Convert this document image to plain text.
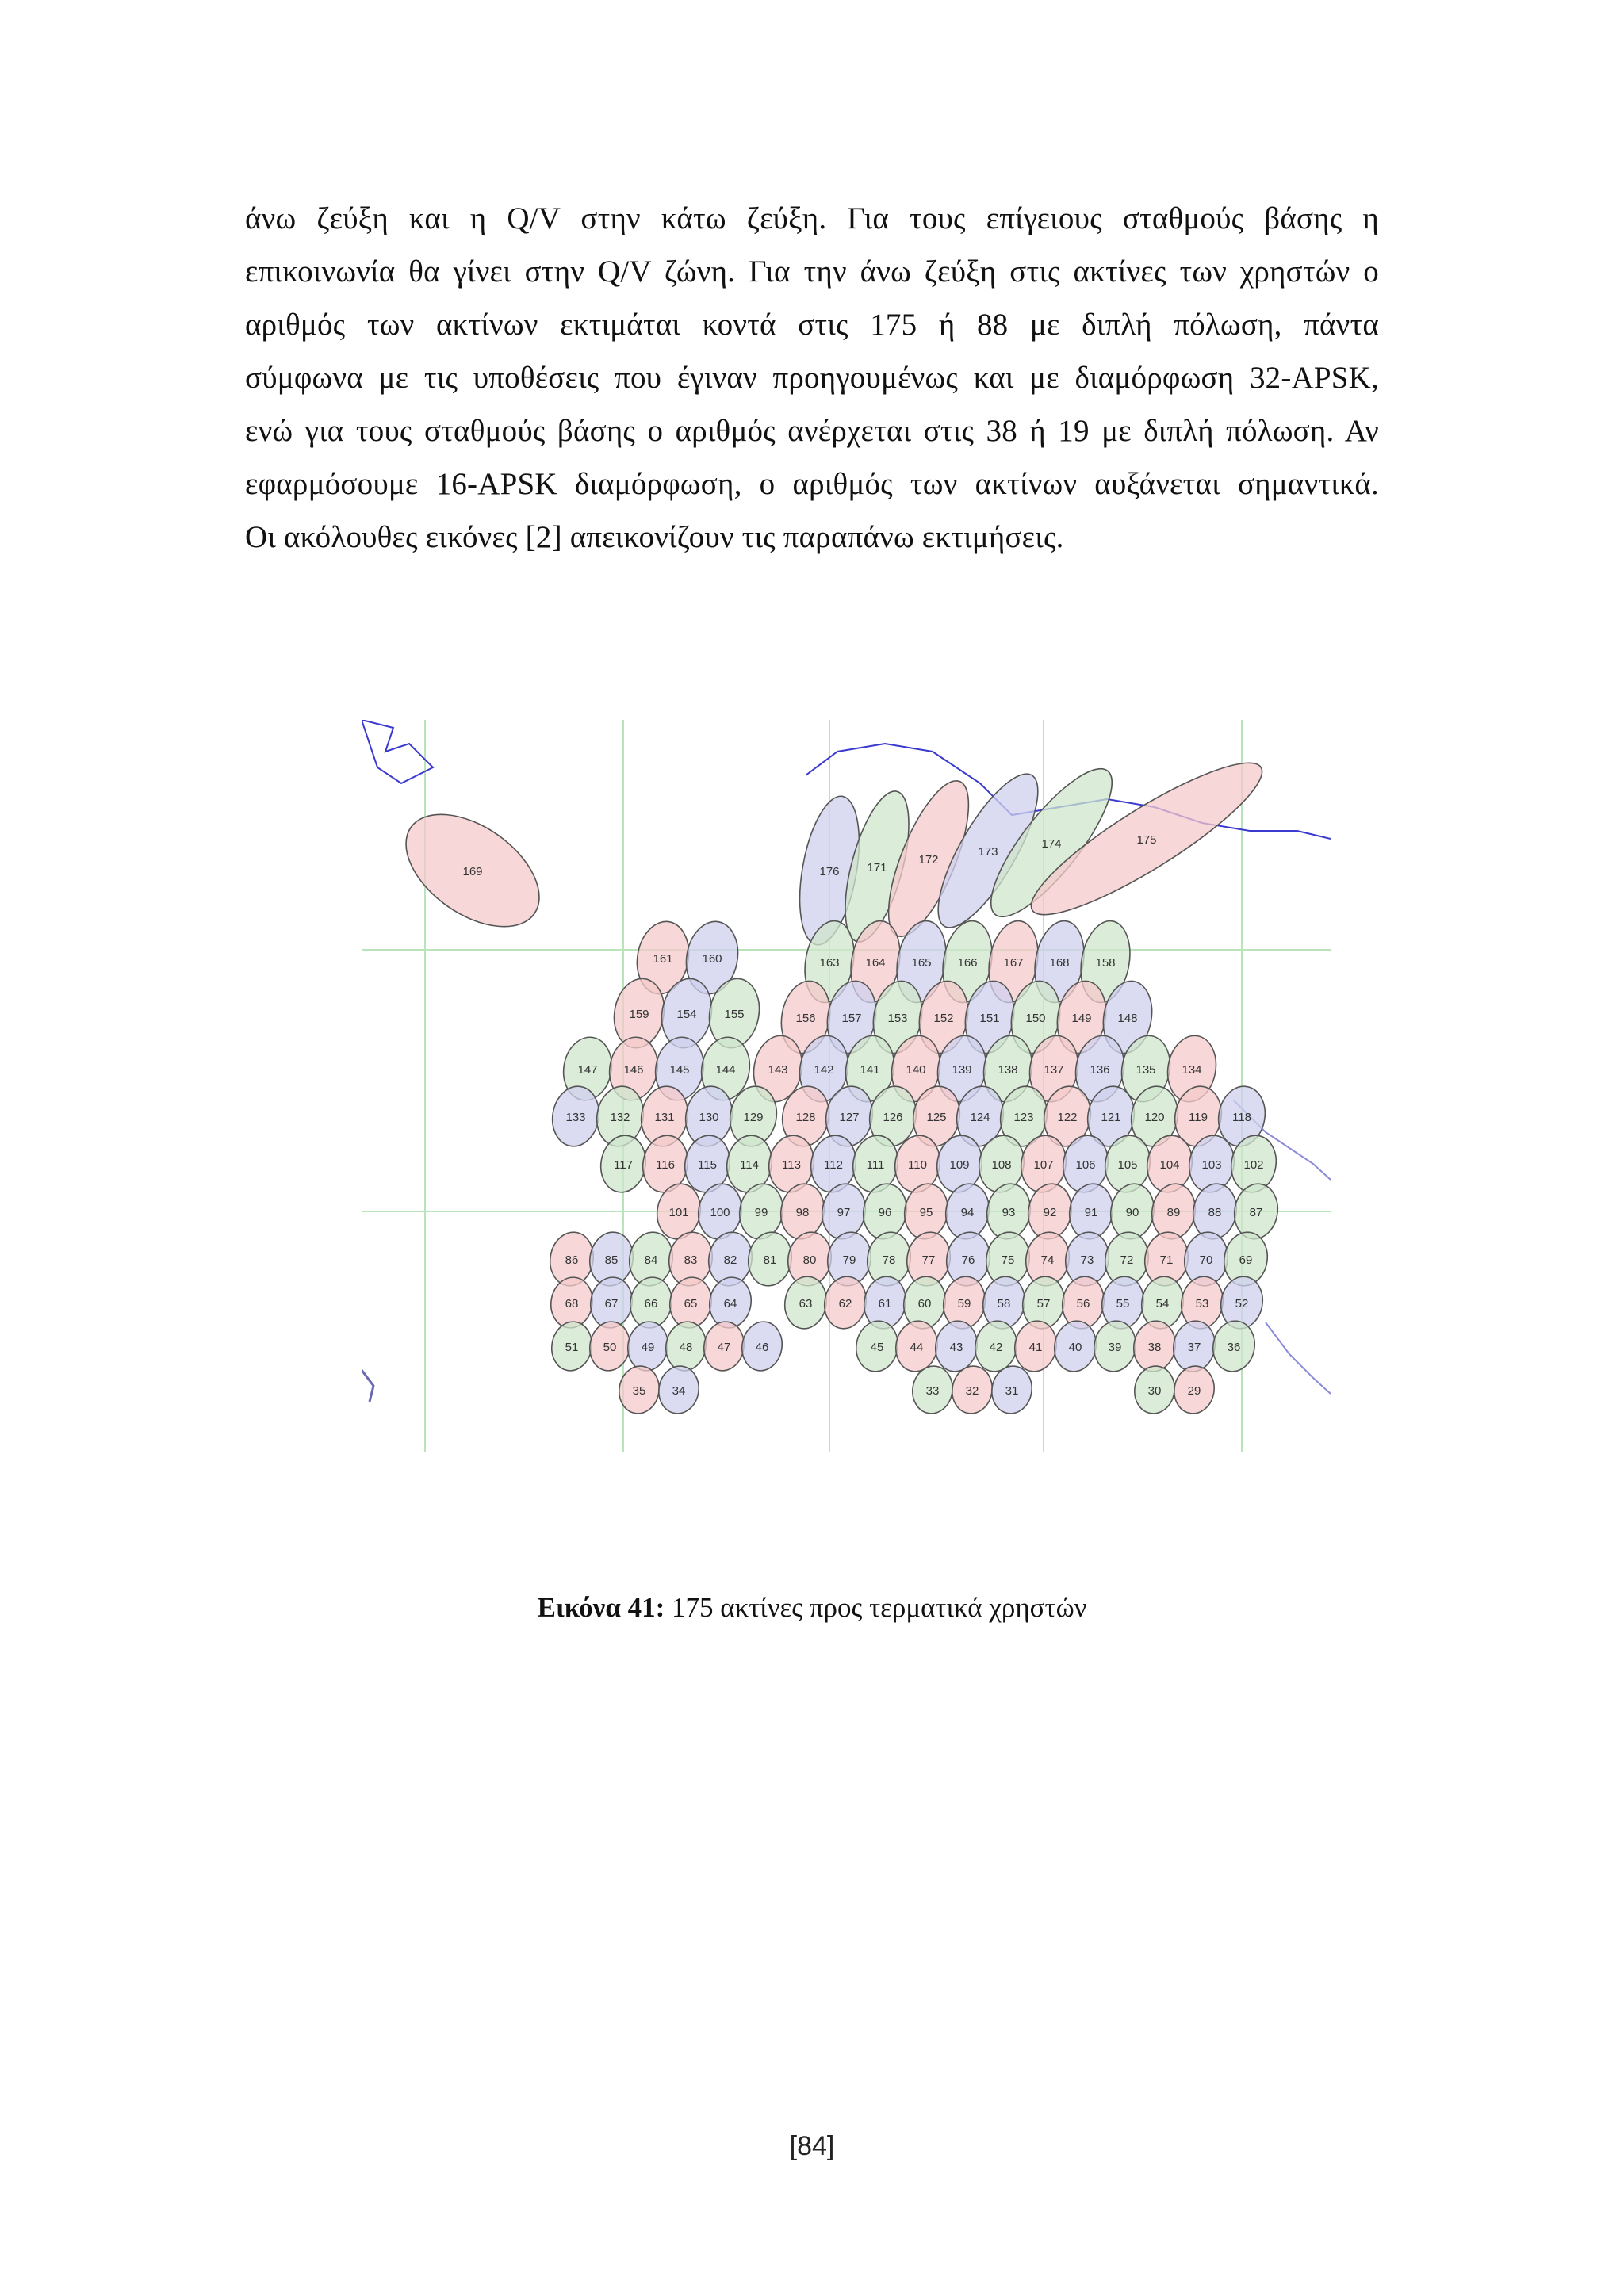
άνω ζεύξη και η Q/V στην κάτω ζεύξη. Για τους επίγειους σταθμούς βάσης η
επικοινωνία θα γίνει στην Q/V ζώνη. Για την άνω ζεύξη στις ακτίνες των χρηστών ο
αριθμός των ακτίνων εκτιμάται κοντά στις 175 ή 88 με διπλή πόλωση, πάντα
σύμφωνα με τις υποθέσεις που έγιναν προηγουμένως και με διαμόρφωση 32-APSK,
ενώ για τους σταθμούς βάσης ο αριθμός ανέρχεται στις 38 ή 19 με διπλή πόλωση. Αν
εφαρμόσουμε 16-APSK διαμόρφωση, ο αριθμός των ακτίνων αυξάνεται σημαντικά.
Οι ακόλουθες εικόνες [2] απεικονίζουν τις παραπάνω εκτιμήσεις.
169	176 171
172
173
174	175
161 160	163 164 165 166 167 168 158
159 154 155	156 157 153 152 151 150 149 148
147 146 145 144	143 142 141 140 139 138 137 136 135 134
133 132 131 130 129	128 127 126 125 124 123 122 121 120 119 118
117 116 115 114 113 112 111 110 109 108 107 106 105 104 103 102
101 100 99 98 97 96 95 94 93 92 91 90 89 88 87
86 85 84 83 82 81 80 79 78 77 76 75 74 73 72 71 70 69
68 67 66 65 64	63 62 61 60 59 58 57 56 55 54 53 52
51 50 49 48 47 46	45 44 43 42 41 40 39 38 37 36
35 34	33 32 31	30 29
Εικόνα 41: 175 ακτίνες προς τερματικά χρηστών
[84]
